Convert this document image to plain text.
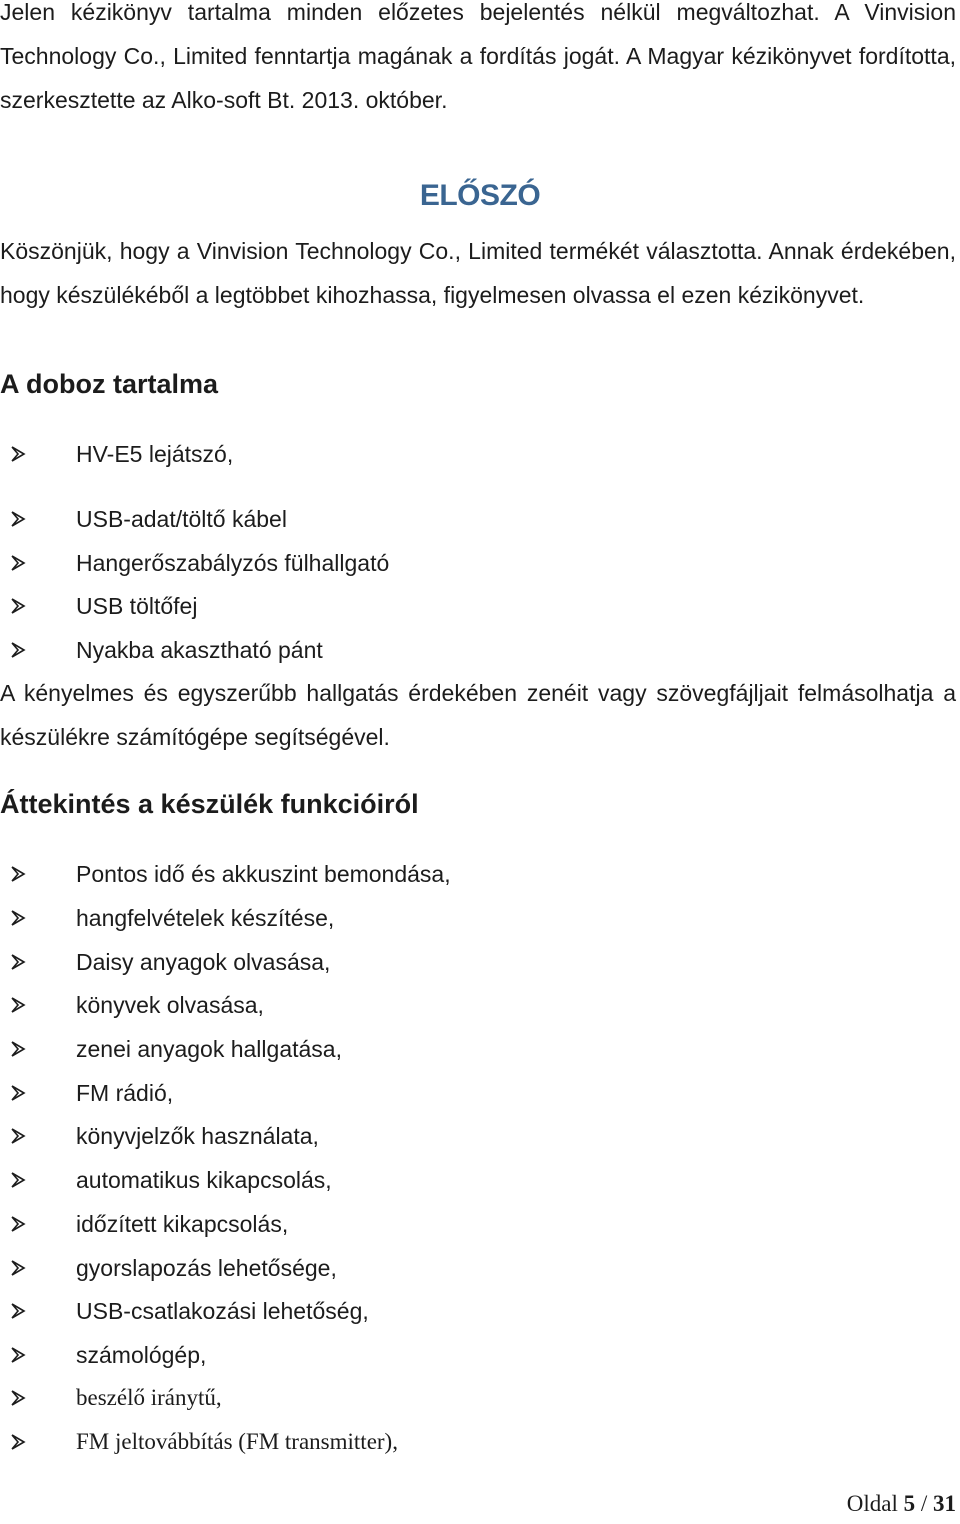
Jelen kézikönyv tartalma minden előzetes bejelentés nélkül megváltozhat. A Vinvision Technology Co., Limited fenntartja magának a fordítás jogát. A Magyar kézikönyvet fordította, szerkesztette az Alko-soft Bt. 2013. október.

ELŐSZÓ

Köszönjük, hogy a Vinvision Technology Co., Limited termékét választotta. Annak érdekében, hogy készülékéből a legtöbbet kihozhassa, figyelmesen olvassa el ezen kézikönyvet.

A doboz tartalma
HV-E5 lejátszó,
USB-adat/töltő kábel
Hangerőszabályzós fülhallgató
USB töltőfej
Nyakba akasztható pánt

A kényelmes és egyszerűbb hallgatás érdekében zenéit vagy szövegfájljait felmásolhatja a készülékre számítógépe segítségével.

Áttekintés a készülék funkcióiról
Pontos idő és akkuszint bemondása,
hangfelvételek készítése,
Daisy anyagok olvasása,
könyvek olvasása,
zenei anyagok hallgatása,
FM rádió,
könyvjelzők használata,
automatikus kikapcsolás,
időzített kikapcsolás,
gyorslapozás lehetősége,
USB-csatlakozási lehetőség,
számológép,
beszélő iránytű,
FM jeltovábbítás (FM transmitter),
Oldal 5 / 31
